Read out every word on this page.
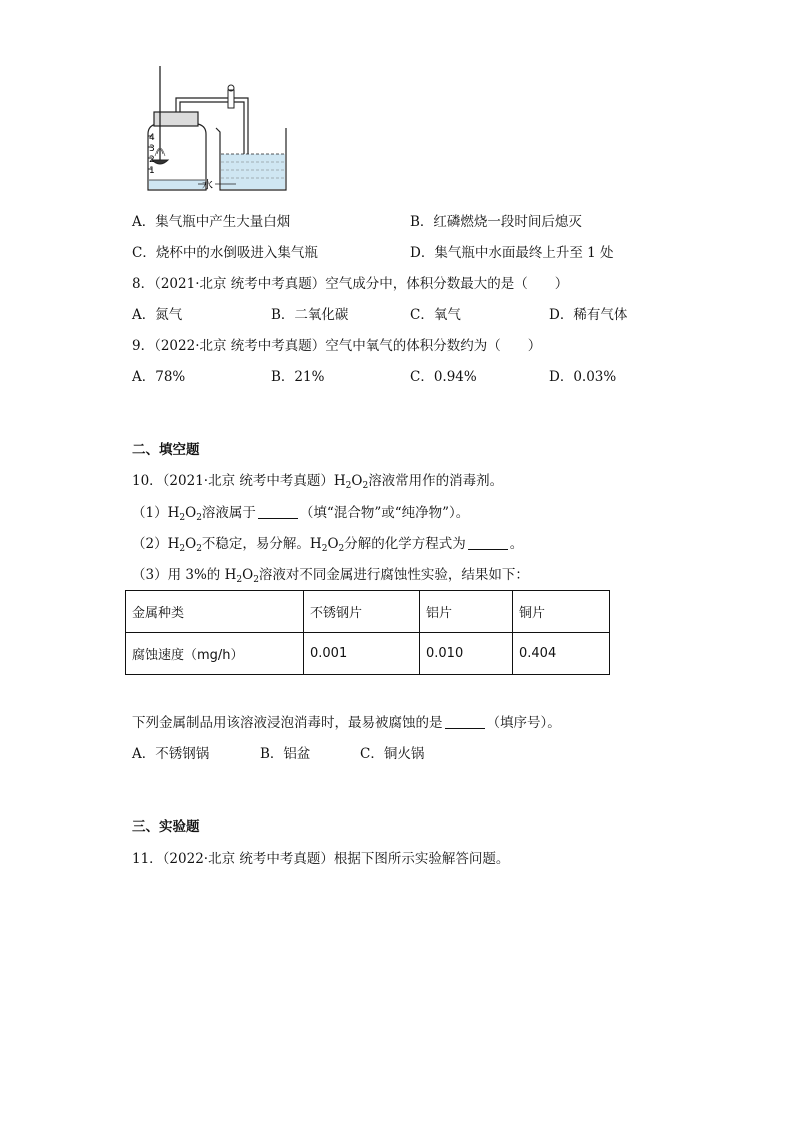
4
3
2
1
水
A．集气瓶中产生大量白烟	B．红磷燃烧一段时间后熄灭
C．烧杯中的水倒吸进入集气瓶	D．集气瓶中水面最终上升至 1 处
8．（2021·北京 统考中考真题）空气成分中，体积分数最大的是（　　）
A．氮气	B．二氧化碳	C．氧气	D．稀有气体
9．（2022·北京 统考中考真题）空气中氧气的体积分数约为（　　）
A．78%	B．21%	C．0.94%	D．0.03%
二、填空题
10．（2021·北京 统考中考真题）$H_2O_2$溶液常用作的消毒剂。
$(1)H_2O_2$溶液属于	（填“混合物”或“纯净物”）。
$(2)H_2O_2$不稳定，易分解。$H_2O_2$分解的化学方程式为	。
（3）用 3%的 $H_2O_2$溶液对不同金属进行腐蚀性实验，结果如下：
金属种类	不锈钢片	铝片	铜片
腐蚀速度（mg/h）	0.001	0.010	0.404
下列金属制品用该溶液浸泡消毒时，最易被腐蚀的是	（填序号）。
A．不锈钢锅	B．铝盆	C．铜火锅
三、实验题
11．（2022·北京 统考中考真题）根据下图所示实验解答问题。
